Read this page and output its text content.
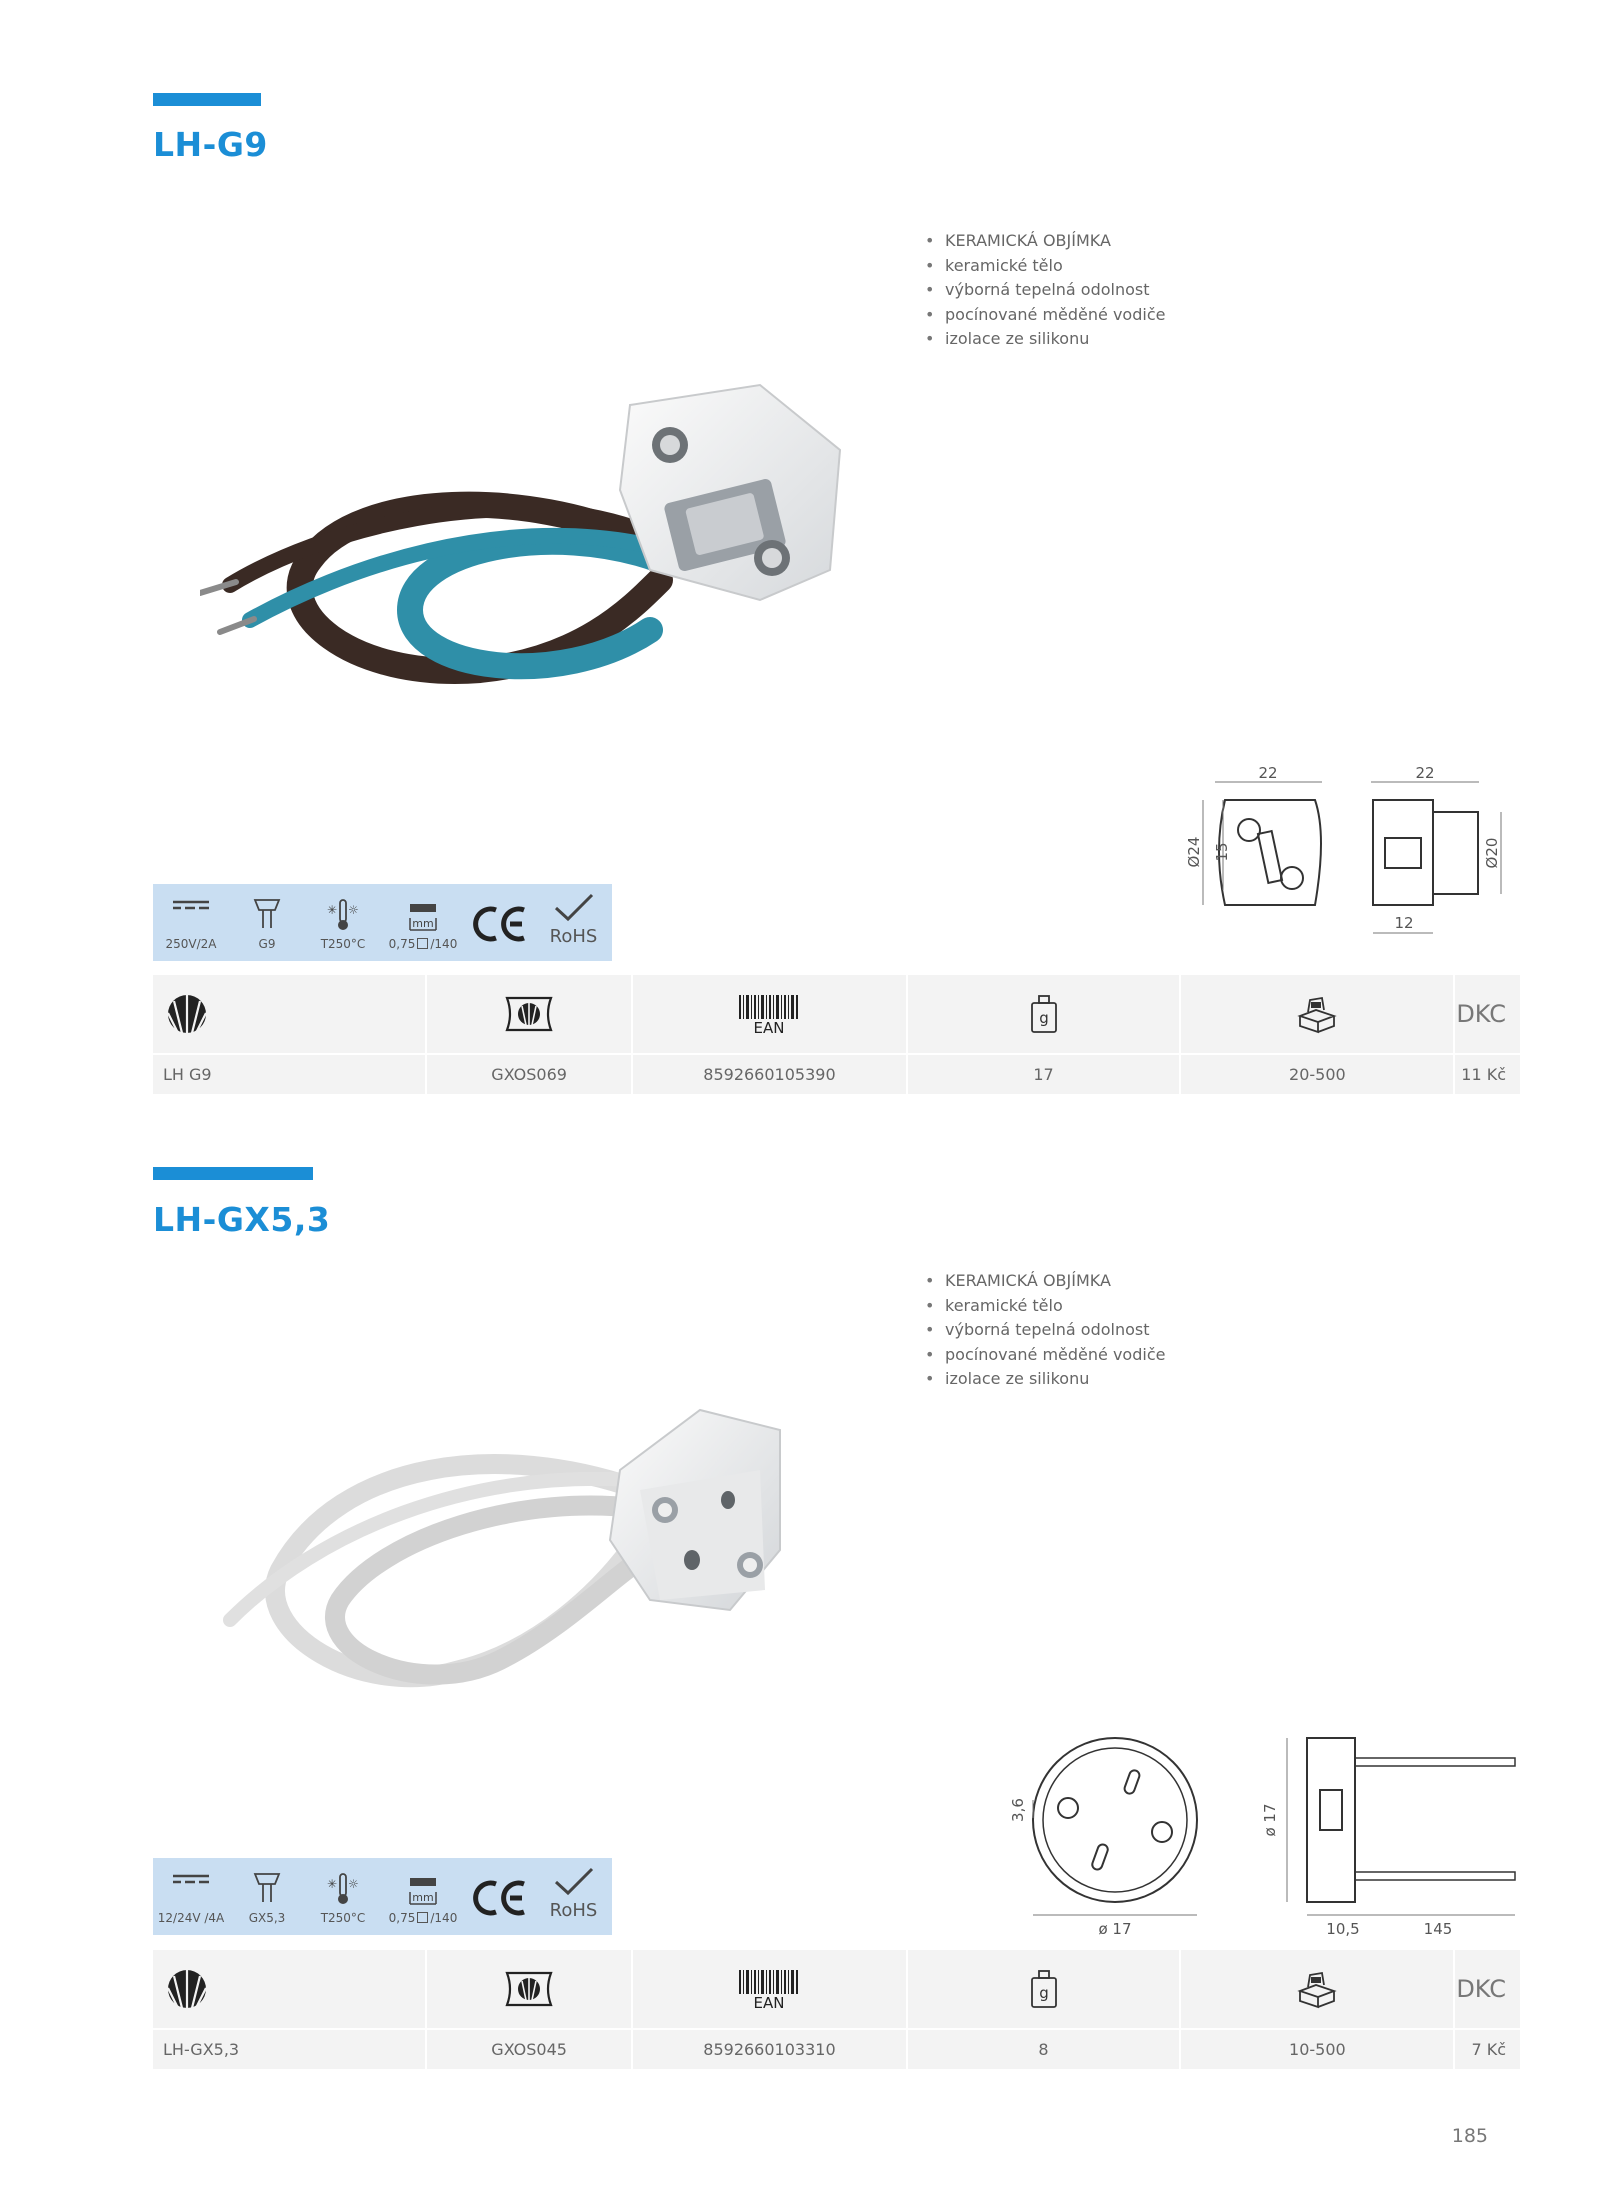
LH-G9
• KERAMICKÁ OBJÍMKA
• keramické tělo
• výborná tepelná odolnost
• pocínované měděné vodiče
• izolace ze silikonu
250V/2A	G9
✳ ☼
T250°C
mm
0,75 /140	RoHS
22	22
Ø24 15	Ø20
12

EAN	g		DKC
LH G9	GXOS069	8592660105390	17	20-500	11 Kč
LH-GX5,3
• KERAMICKÁ OBJÍMKA
• keramické tělo
• výborná tepelná odolnost
• pocínované měděné vodiče
• izolace ze silikonu
12/24V /4A	GX5,3
✳ ☼
T250°C
mm
0,75 /140	RoHS
3,6
ø 17
ø 17
10,5	145

EAN	g		DKC
LH-GX5,3	GXOS045	8592660103310	8	10-500	7 Kč
185
